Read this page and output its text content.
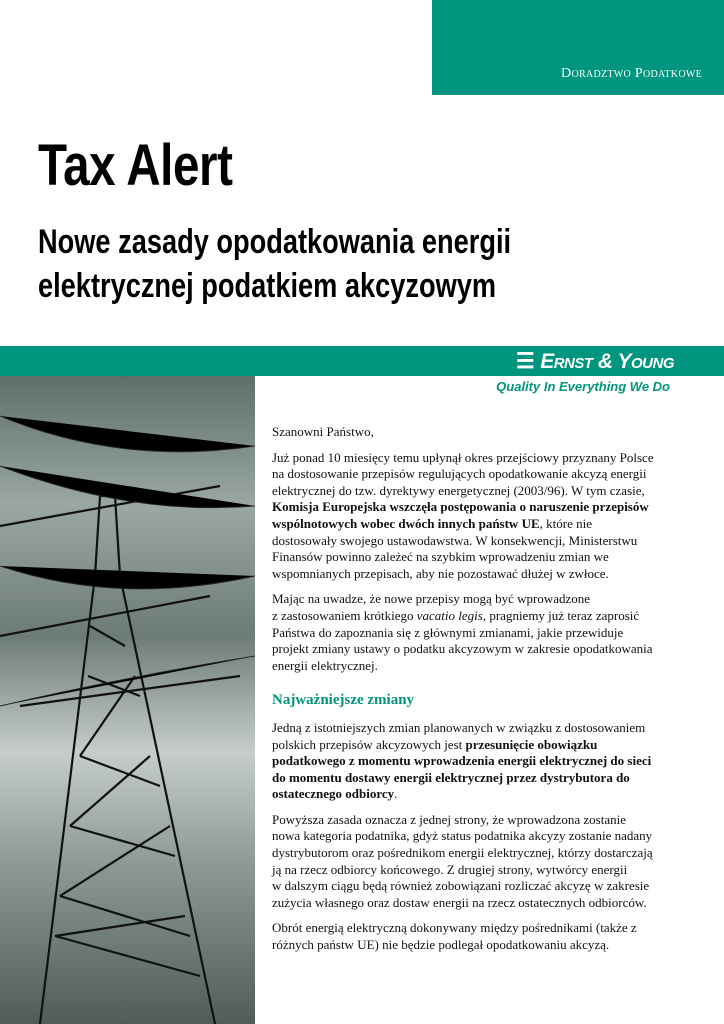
Doradztwo Podatkowe
Tax Alert
Nowe zasady opodatkowania energii
elektrycznej podatkiem akcyzowym
☰ Ernst & Young
Quality In Everything We Do

Szanowni Państwo,

Już ponad 10 miesięcy temu upłynął okres przejściowy przyznany Polsce
na dostosowanie przepisów regulujących opodatkowanie akcyzą energii
elektrycznej do tzw. dyrektywy energetycznej (2003/96). W tym czasie,
Komisja Europejska wszczęła postępowania o naruszenie przepisów
wspólnotowych wobec dwóch innych państw UE, które nie
dostosowały swojego ustawodawstwa. W konsekwencji, Ministerstwu
Finansów powinno zależeć na szybkim wprowadzeniu zmian we
wspomnianych przepisach, aby nie pozostawać dłużej w zwłoce.

Mając na uwadze, że nowe przepisy mogą być wprowadzone
z zastosowaniem krótkiego vacatio legis, pragniemy już teraz zaprosić
Państwa do zapoznania się z głównymi zmianami, jakie przewiduje
projekt zmiany ustawy o podatku akcyzowym w zakresie opodatkowania
energii elektrycznej.

Najważniejsze zmiany

Jedną z istotniejszych zmian planowanych w związku z dostosowaniem
polskich przepisów akcyzowych jest przesunięcie obowiązku
podatkowego z momentu wprowadzenia energii elektrycznej do sieci
do momentu dostawy energii elektrycznej przez dystrybutora do
ostatecznego odbiorcy.

Powyższa zasada oznacza z jednej strony, że wprowadzona zostanie
nowa kategoria podatnika, gdyż status podatnika akcyzy zostanie nadany
dystrybutorom oraz pośrednikom energii elektrycznej, którzy dostarczają
ją na rzecz odbiorcy końcowego. Z drugiej strony, wytwórcy energii
w dalszym ciągu będą również zobowiązani rozliczać akcyzę w zakresie
zużycia własnego oraz dostaw energii na rzecz ostatecznych odbiorców.

Obrót energią elektryczną dokonywany między pośrednikami (także z
różnych państw UE) nie będzie podlegał opodatkowaniu akcyzą.
